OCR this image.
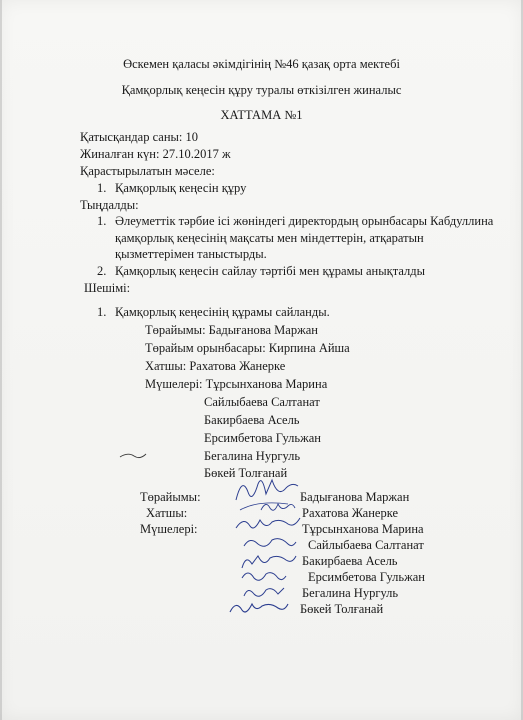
Өскемен қаласы әкімдігінің №46 қазақ орта мектебі
Қамқорлық кеңесін құру туралы өткізілген жиналыс
ХАТТАМА №1
Қатысқандар саны: 10
Жиналған күн: 27.10.2017 ж
Қарастырылатын мәселе:
1. Қамқорлық кеңесін құру
Тыңдалды:
1. Әлеуметтік тәрбие ісі жөніндегі директордың орынбасары Кабдуллина
қамқорлық кеңесінің мақсаты мен міндеттерін, атқаратын
қызметтерімен таныстырды.
2. Қамқорлық кеңесін сайлау тәртібі мен құрамы анықталды
Шешімі:
1. Қамқорлық кеңесінің құрамы сайланды.
Төрайымы: Бадығанова Маржан
Төрайым орынбасары: Кирпина Айша
Хатшы: Рахатова Жанерке
Мүшелері: Тұрсынханова Марина
Сайлыбаева Салтанат
Бакирбаева Асель
Ерсимбетова Гульжан
Бегалина Нургуль
Бөкей Толғанай
Төрайымы:
Хатшы:
Мүшелері:
Бадығанова Маржан
Рахатова Жанерке
Тұрсынханова Марина
Сайлыбаева Салтанат
Бакирбаева Асель
Ерсимбетова Гульжан
Бегалина Нургуль
Бөкей Толғанай
